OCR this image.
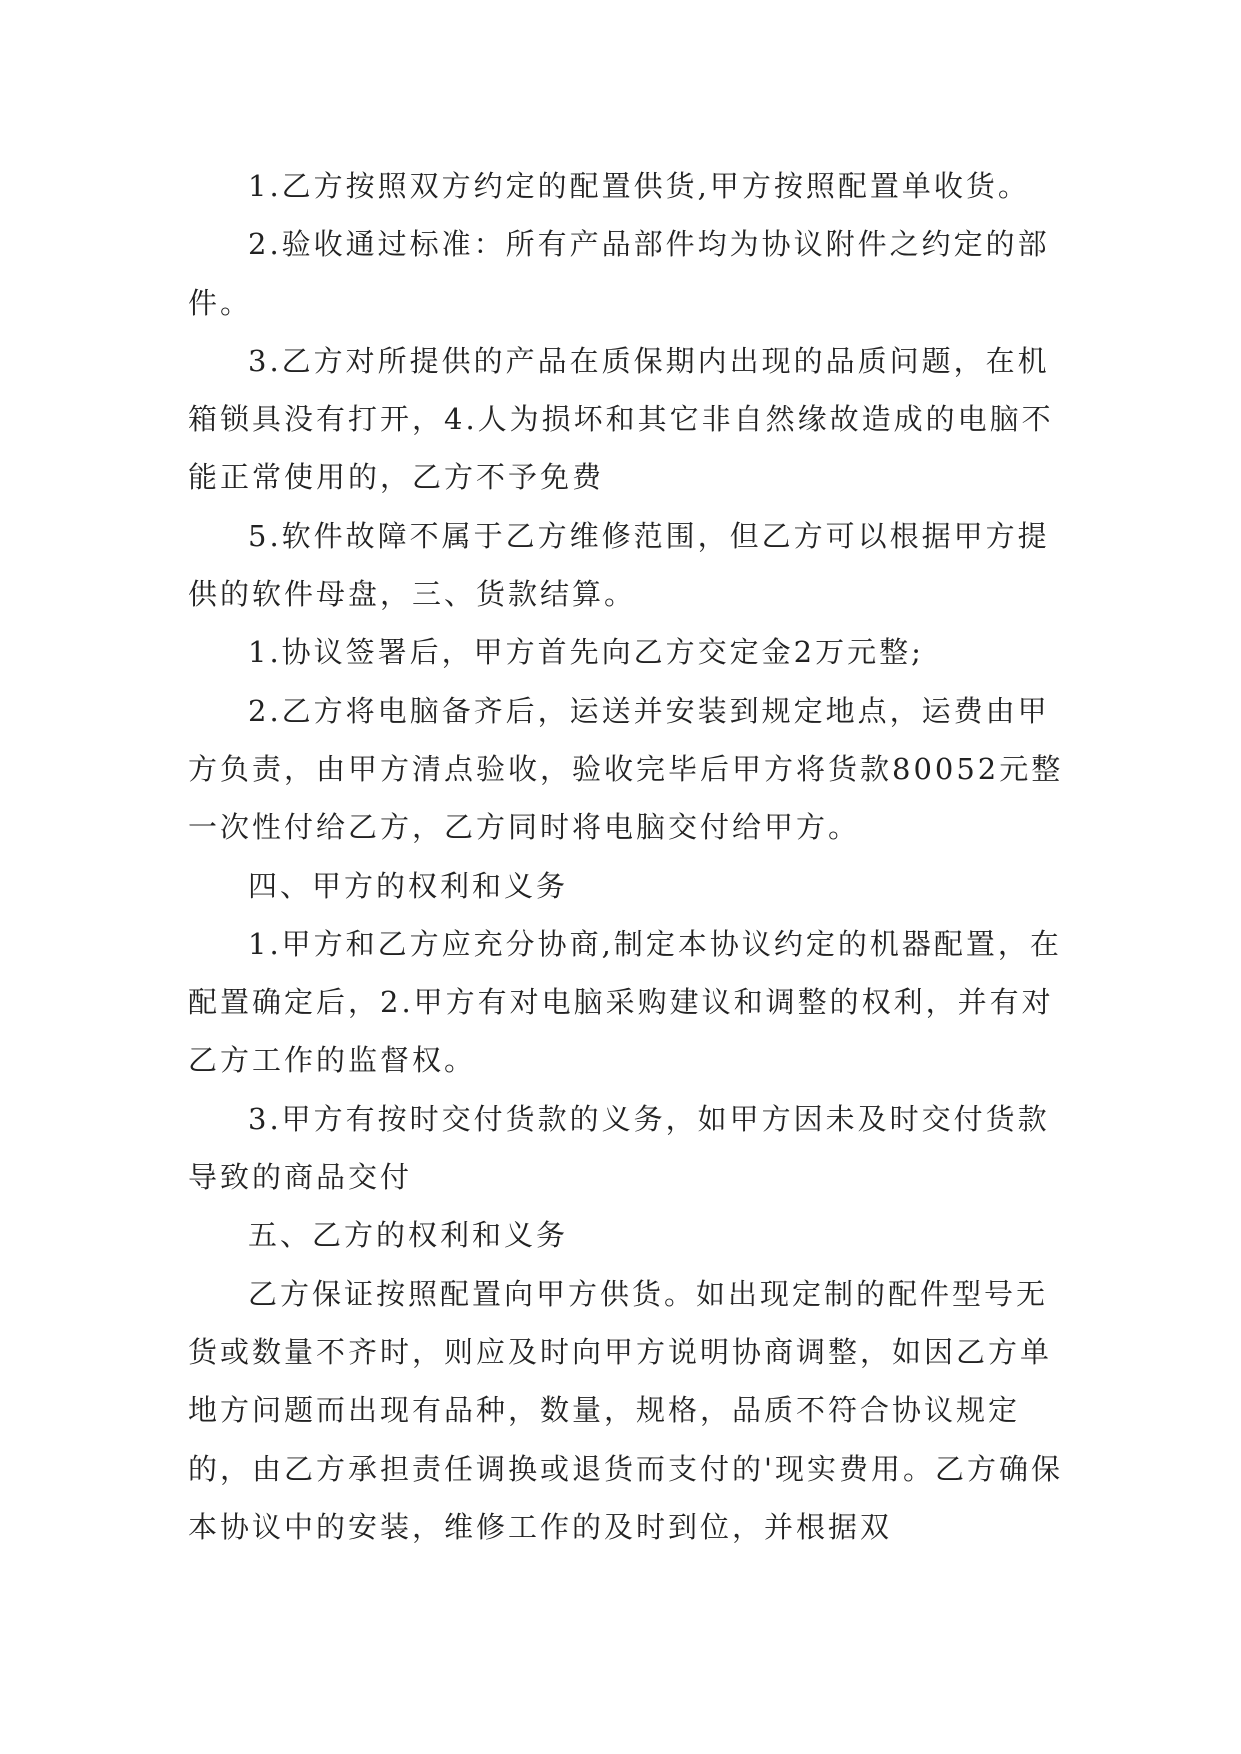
1.乙方按照双方约定的配置供货,甲方按照配置单收货。

2.验收通过标准：所有产品部件均为协议附件之约定的部件。

3.乙方对所提供的产品在质保期内出现的品质问题，在机箱锁具没有打开，4.人为损坏和其它非自然缘故造成的电脑不能正常使用的，乙方不予免费

5.软件故障不属于乙方维修范围，但乙方可以根据甲方提供的软件母盘，三、货款结算。

1.协议签署后，甲方首先向乙方交定金2万元整;

2.乙方将电脑备齐后，运送并安装到规定地点，运费由甲方负责，由甲方清点验收，验收完毕后甲方将货款80052元整一次性付给乙方，乙方同时将电脑交付给甲方。

四、甲方的权利和义务

1.甲方和乙方应充分协商,制定本协议约定的机器配置，在配置确定后，2.甲方有对电脑采购建议和调整的权利，并有对乙方工作的监督权。

3.甲方有按时交付货款的义务，如甲方因未及时交付货款导致的商品交付

五、乙方的权利和义务

乙方保证按照配置向甲方供货。如出现定制的配件型号无货或数量不齐时，则应及时向甲方说明协商调整，如因乙方单地方问题而出现有品种，数量，规格，品质不符合协议规定的，由乙方承担责任调换或退货而支付的'现实费用。乙方确保本协议中的安装，维修工作的及时到位，并根据双
